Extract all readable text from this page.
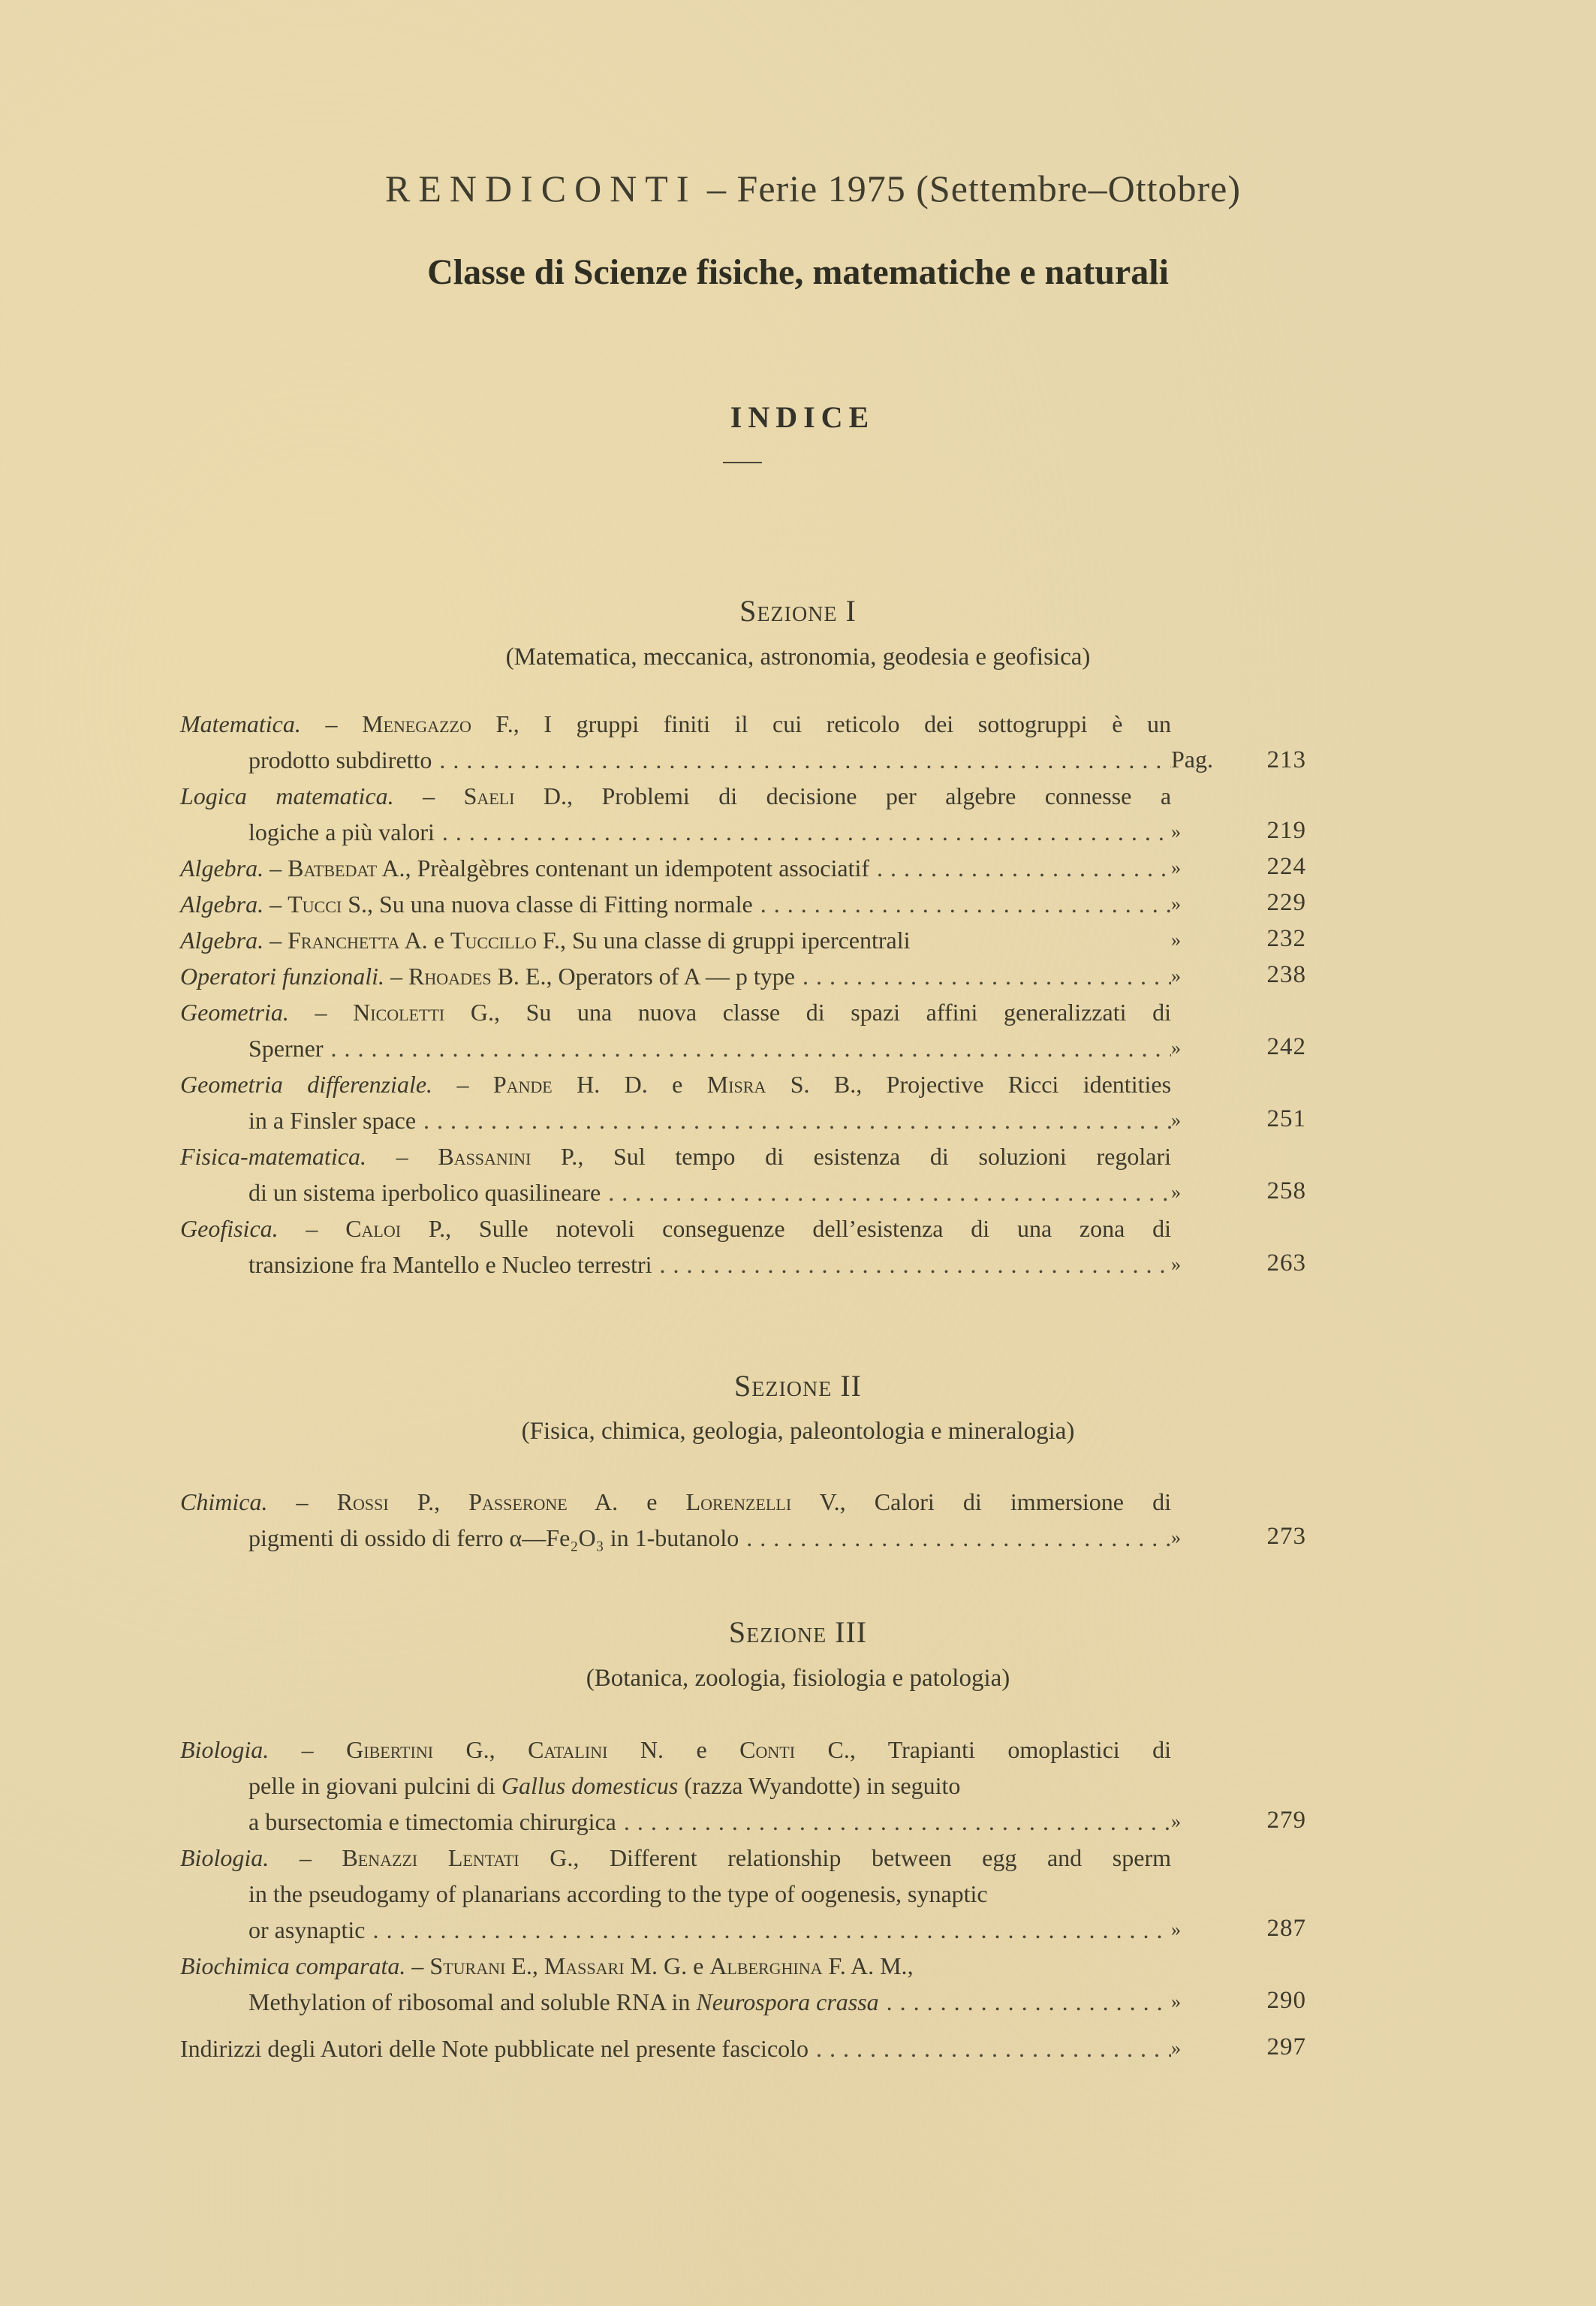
RENDICONTI – Ferie 1975 (Settembre–Ottobre)
Classe di Scienze fisiche, matematiche e naturali
INDICE
Sezione I
(Matematica, meccanica, astronomia, geodesia e geofisica)
Matematica. – Menegazzo F., I gruppi finiti il cui reticolo dei sottogruppi è un
prodotto subdiretto . . .	Pag. 213
Logica matematica. – Saeli D., Problemi di decisione per algebre connesse a
logiche a più valori . . .	»	219
Algebra. – Batbedat A., Prèalgèbres contenant un idempotent associatif . . .	»	224
Algebra. – Tucci S., Su una nuova classe di Fitting normale . . .	»	229
Algebra. – Franchetta A. e Tuccillo F., Su una classe di gruppi ipercentrali	»	232
Operatori funzionali. – Rhoades B. E., Operators of A — p type . . .	»	238
Geometria. – Nicoletti G., Su una nuova classe di spazi affini generalizzati di
Sperner . . .	»	242
Geometria differenziale. – Pande H. D. e Misra S. B., Projective Ricci identities
in a Finsler space . . .	»	251
Fisica-matematica. – Bassanini P., Sul tempo di esistenza di soluzioni regolari
di un sistema iperbolico quasilineare . . .	»	258
Geofisica. – Caloi P., Sulle notevoli conseguenze dell’esistenza di una zona di
transizione fra Mantello e Nucleo terrestri . . .	»	263
Sezione II
(Fisica, chimica, geologia, paleontologia e mineralogia)
Chimica. – Rossi P., Passerone A. e Lorenzelli V., Calori di immersione di
pigmenti di ossido di ferro α—Fe₂O₃ in 1-butanolo . . .	»	273
Sezione III
(Botanica, zoologia, fisiologia e patologia)
Biologia. – Gibertini G., Catalini N. e Conti C., Trapianti omoplastici di
pelle in giovani pulcini di Gallus domesticus (razza Wyandotte) in seguito
a bursectomia e timectomia chirurgica . . .	»	279
Biologia. – Benazzi Lentati G., Different relationship between egg and sperm
in the pseudogamy of planarians according to the type of oogenesis, synaptic
or asynaptic . . .	»	287
Biochimica comparata. – Sturani E., Massari M. G. e Alberghina F. A. M.,
Methylation of ribosomal and soluble RNA in Neurospora crassa . . .	»	290
Indirizzi degli Autori delle Note pubblicate nel presente fascicolo . . .	»	297
